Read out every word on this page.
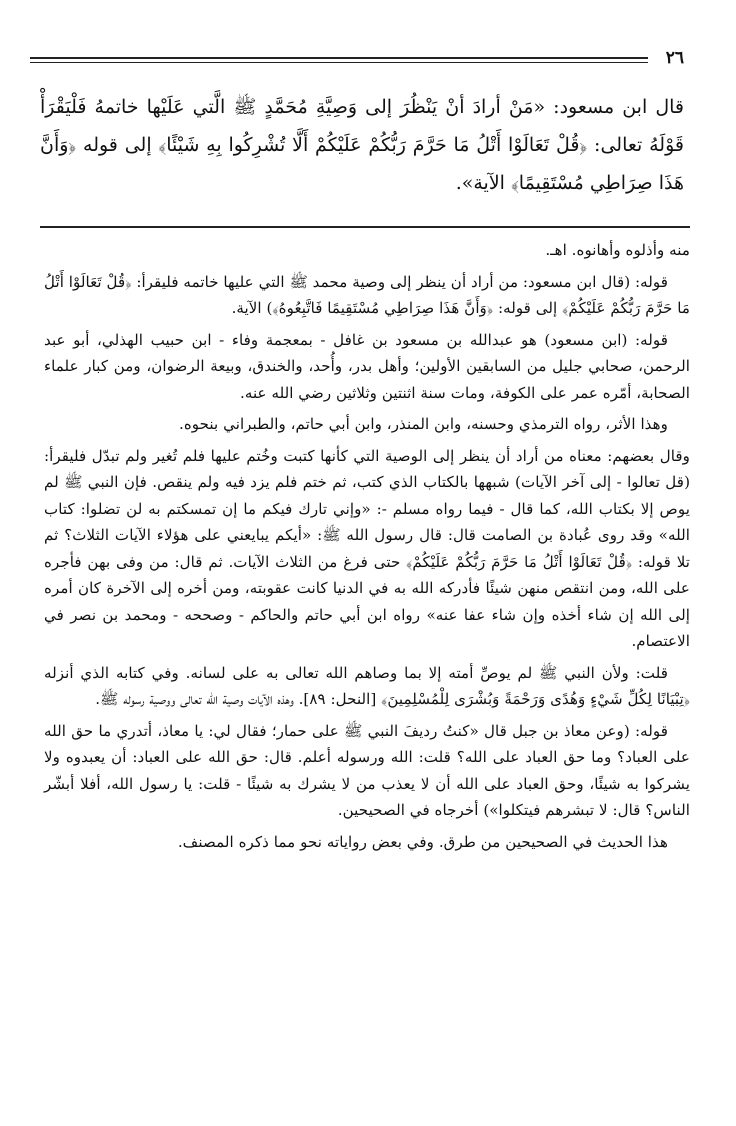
٢٦

قال ابن مسعود: «مَنْ أرادَ أنْ يَنْظُرَ إلى وَصِيَّةِ مُحَمَّدٍ ﷺ الَّتي عَلَيْها خاتمهُ فَلْيَقْرَأْ قَوْلَهُ تعالى: ﴿قُلْ تَعَالَوْا أَتْلُ مَا حَرَّمَ رَبُّكُمْ عَلَيْكُمْ أَلَّا تُشْرِكُوا بِهِ شَيْئًا﴾ إلى قوله ﴿وَأَنَّ هَذَا صِرَاطِي مُسْتَقِيمًا﴾ الآية».

منه وأذلوه وأهانوه. اهـ.

قوله: (قال ابن مسعود: من أراد أن ينظر إلى وصية محمد ﷺ التي عليها خاتمه فليقرأ: ﴿قُلْ تَعَالَوْا أَتْلُ مَا حَرَّمَ رَبُّكُمْ عَلَيْكُمْ﴾ إلى قوله: ﴿وَأَنَّ هَذَا صِرَاطِي مُسْتَقِيمًا فَاتَّبِعُوهُ﴾) الآية.

قوله: (ابن مسعود) هو عبدالله بن مسعود بن غافل - بمعجمة وفاء - ابن حبيب الهذلي، أبو عبد الرحمن، صحابي جليل من السابقين الأولين؛ وأهل بدر، وأُحد، والخندق، وبيعة الرضوان، ومن كبار علماء الصحابة، أمّره عمر على الكوفة، ومات سنة اثنتين وثلاثين رضي الله عنه.

وهذا الأثر، رواه الترمذي وحسنه، وابن المنذر، وابن أبي حاتم، والطبراني بنحوه.

وقال بعضهم: معناه من أراد أن ينظر إلى الوصية التي كأنها كتبت وخُتم عليها فلم تُغير ولم تبدّل فليقرأ: (قل تعالوا - إلى آخر الآيات) شبهها بالكتاب الذي كتب، ثم ختم فلم يزد فيه ولم ينقص. فإن النبي ﷺ لم يوص إلا بكتاب الله، كما قال - فيما رواه مسلم -: «وإني تارك فيكم ما إن تمسكتم به لن تضلوا: كتاب الله» وقد روى عُبادة بن الصامت قال: قال رسول الله ﷺ: «أيكم يبايعني على هؤلاء الآيات الثلاث؟ ثم تلا قوله: ﴿قُلْ تَعَالَوْا أَتْلُ مَا حَرَّمَ رَبُّكُمْ عَلَيْكُمْ﴾ حتى فرغ من الثلاث الآيات. ثم قال: من وفى بهن فأجره على الله، ومن انتقص منهن شيئًا فأدركه الله به في الدنيا كانت عقوبته، ومن أخره إلى الآخرة كان أمره إلى الله إن شاء أخذه وإن شاء عفا عنه» رواه ابن أبي حاتم والحاكم - وصححه - ومحمد بن نصر في الاعتصام.

قلت: ولأن النبي ﷺ لم يوصِّ أمته إلا بما وصاهم الله تعالى به على لسانه. وفي كتابه الذي أنزله ﴿تِبْيَانًا لِكُلِّ شَيْءٍ وَهُدًى وَرَحْمَةً وَبُشْرَى لِلْمُسْلِمِينَ﴾ [النحل: ٨٩]. وهذه الآيات وصية الله تعالى ووصية رسوله ﷺ.

قوله: (وعن معاذ بن جبل قال «كنتُ رديفَ النبي ﷺ على حمار؛ فقال لي: يا معاذ، أتدري ما حق الله على العباد؟ وما حق العباد على الله؟ قلت: الله ورسوله أعلم. قال: حق الله على العباد: أن يعبدوه ولا يشركوا به شيئًا، وحق العباد على الله أن لا يعذب من لا يشرك به شيئًا - قلت: يا رسول الله، أفلا أبشّر الناس؟ قال: لا تبشرهم فيتكلوا») أخرجاه في الصحيحين.

هذا الحديث في الصحيحين من طرق. وفي بعض رواياته نحو مما ذكره المصنف.
